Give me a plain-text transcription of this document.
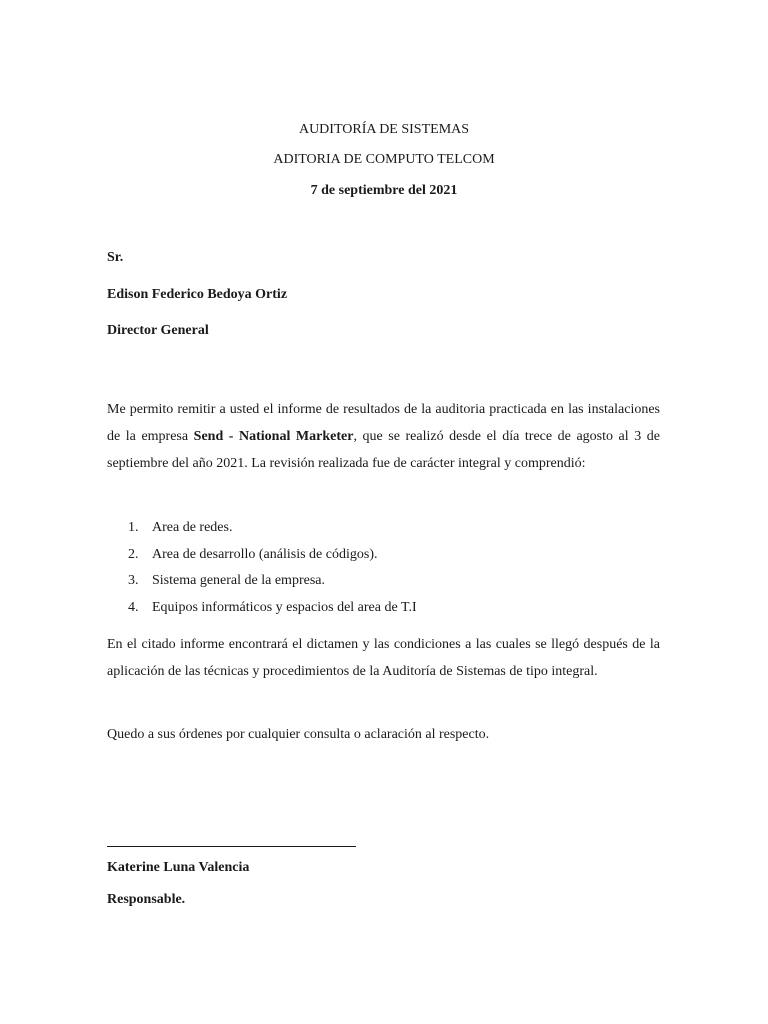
AUDITORÍA DE SISTEMAS
ADITORIA DE COMPUTO TELCOM
7 de septiembre del 2021
Sr.
Edison Federico Bedoya Ortiz
Director General
Me permito remitir a usted el informe de resultados de la auditoria practicada en las instalaciones de la empresa Send - National Marketer, que se realizó desde el día trece de agosto al 3 de septiembre del año 2021. La revisión realizada fue de carácter integral y comprendió:
1. Area de redes.
2. Area de desarrollo (análisis de códigos).
3. Sistema general de la empresa.
4. Equipos informáticos y espacios del area de T.I
En el citado informe encontrará el dictamen y las condiciones a las cuales se llegó después de la aplicación de las técnicas y procedimientos de la Auditoría de Sistemas de tipo integral.
Quedo a sus órdenes por cualquier consulta o aclaración al respecto.
Katerine Luna Valencia
Responsable.
